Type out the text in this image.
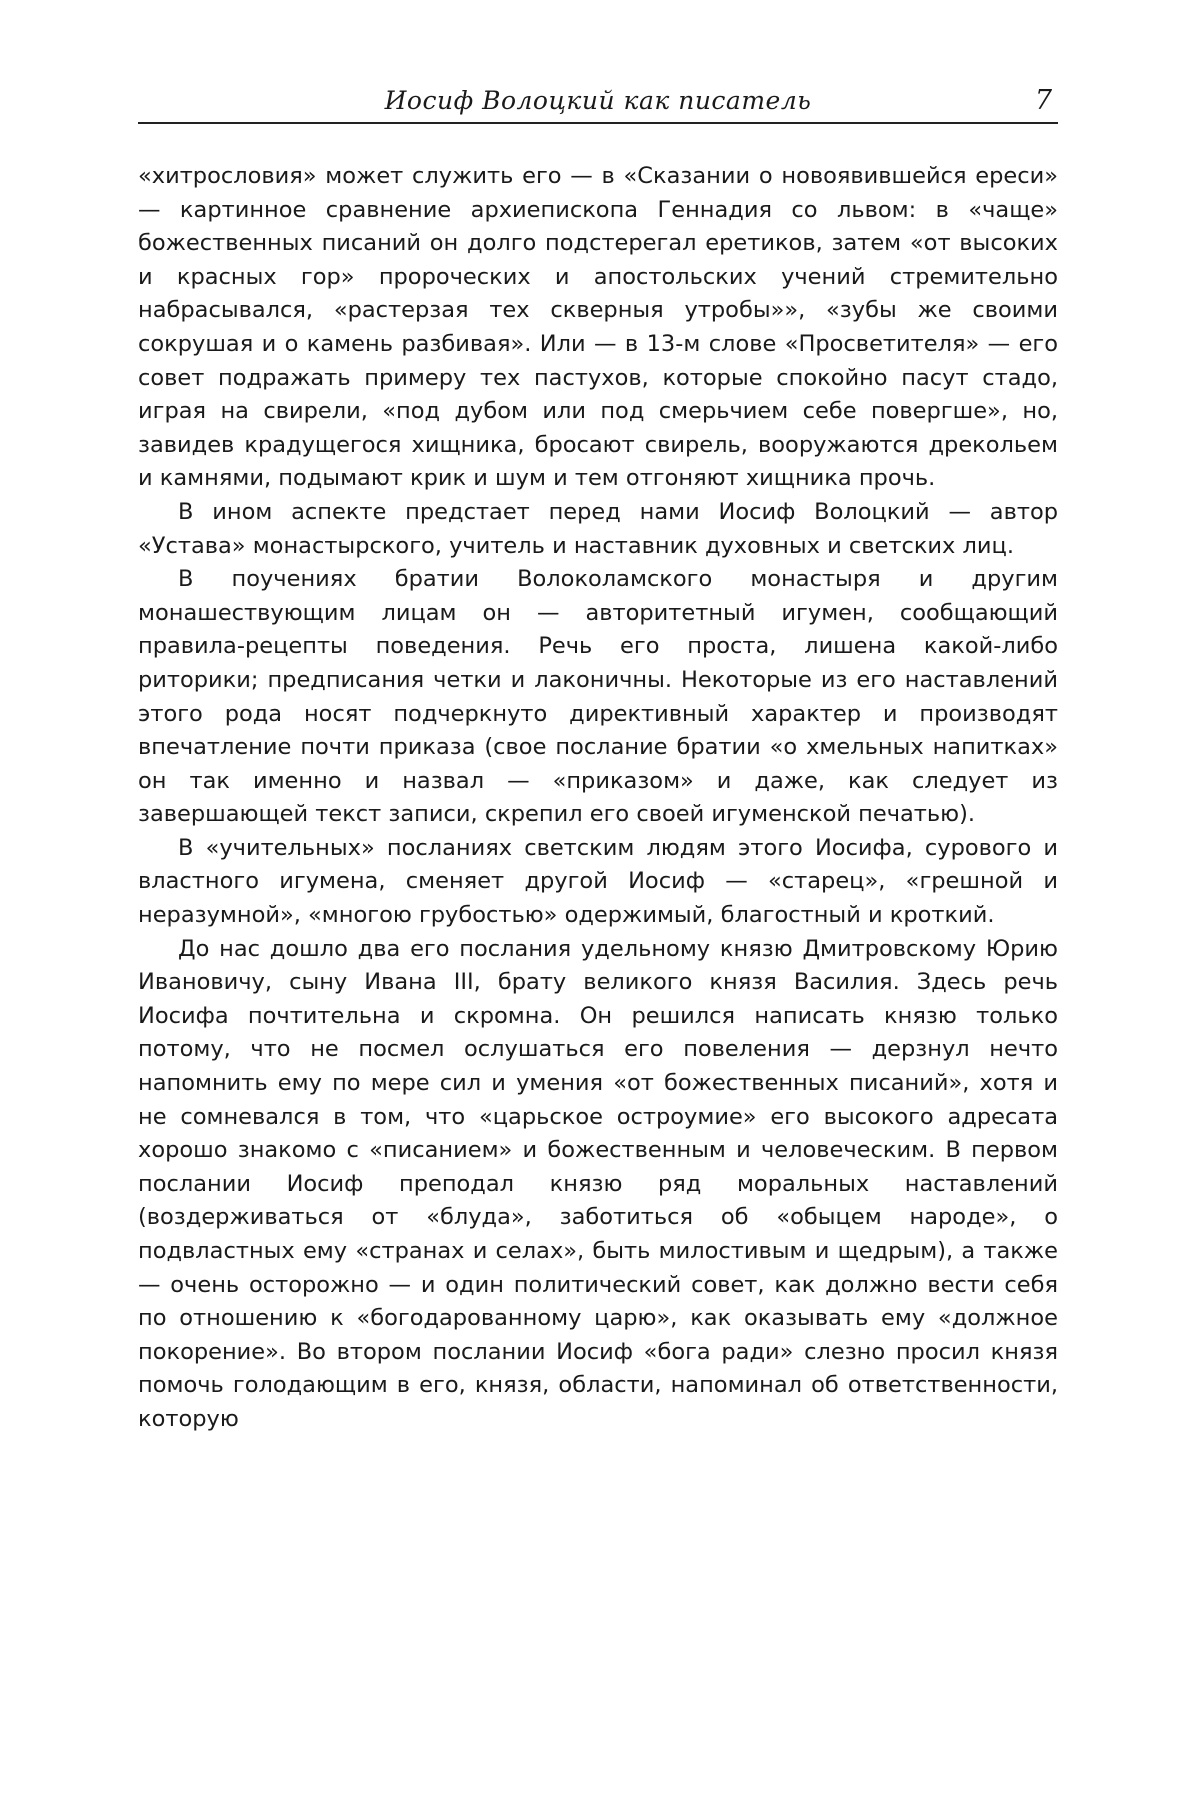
Иосиф Волоцкий как писатель	7

«хитрословия» может служить его — в «Сказании о новоявившейся ереси» — картинное сравнение архиепископа Геннадия со львом: в «чаще» божественных писаний он долго подстерегал еретиков, затем «от высоких и красных гор» пророческих и апостольских учений стремительно набрасывался, «растерзая тех скверныя утробы»», «зубы же своими сокрушая и о камень разбивая». Или — в 13-м слове «Просветителя» — его совет подражать примеру тех пастухов, которые спокойно пасут стадо, играя на свирели, «под дубом или под смерьчием себе повергше», но, завидев крадущегося хищника, бросают свирель, вооружаются дрекольем и камнями, подымают крик и шум и тем отгоняют хищника прочь.

В ином аспекте предстает перед нами Иосиф Волоцкий — автор «Устава» монастырского, учитель и наставник духовных и светских лиц.

В поучениях братии Волоколамского монастыря и другим монашествующим лицам он — авторитетный игумен, сообщающий правила-рецепты поведения. Речь его проста, лишена какой-либо риторики; предписания четки и лаконичны. Некоторые из его наставлений этого рода носят подчеркнуто директивный характер и производят впечатление почти приказа (свое послание братии «о хмельных напитках» он так именно и назвал — «приказом» и даже, как следует из завершающей текст записи, скрепил его своей игуменской печатью).

В «учительных» посланиях светским людям этого Иосифа, сурового и властного игумена, сменяет другой Иосиф — «старец», «грешной и неразумной», «многою грубостью» одержимый, благостный и кроткий.

До нас дошло два его послания удельному князю Дмитровскому Юрию Ивановичу, сыну Ивана III, брату великого князя Василия. Здесь речь Иосифа почтительна и скромна. Он решился написать князю только потому, что не посмел ослушаться его повеления — дерзнул нечто напомнить ему по мере сил и умения «от божественных писаний», хотя и не сомневался в том, что «царьское остроумие» его высокого адресата хорошо знакомо с «писанием» и божественным и человеческим. В первом послании Иосиф преподал князю ряд моральных наставлений (воздерживаться от «блуда», заботиться об «обыцем народе», о подвластных ему «странах и селах», быть милостивым и щедрым), а также — очень осторожно — и один политический совет, как должно вести себя по отношению к «богодарованному царю», как оказывать ему «должное покорение». Во втором послании Иосиф «бога ради» слезно просил князя помочь голодающим в его, князя, области, напоминал об ответственности, которую
